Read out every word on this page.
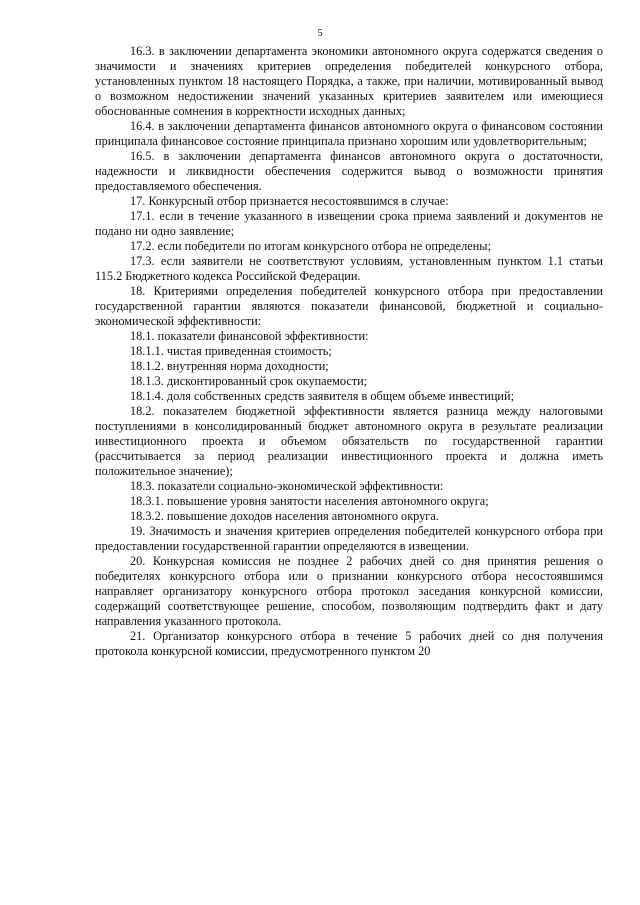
5

16.3. в заключении департамента экономики автономного округа содержатся сведения о значимости и значениях критериев определения победителей конкурсного отбора, установленных пунктом 18 настоящего Порядка, а также, при наличии, мотивированный вывод о возможном недостижении значений указанных критериев заявителем или имеющиеся обоснованные сомнения в корректности исходных данных;

16.4. в заключении департамента финансов автономного округа о финансовом состоянии принципала финансовое состояние принципала признано хорошим или удовлетворительным;

16.5. в заключении департамента финансов автономного округа о достаточности, надежности и ликвидности обеспечения содержится вывод о возможности принятия предоставляемого обеспечения.

17. Конкурсный отбор признается несостоявшимся в случае:

17.1. если в течение указанного в извещении срока приема заявлений и документов не подано ни одно заявление;

17.2. если победители по итогам конкурсного отбора не определены;

17.3. если заявители не соответствуют условиям, установленным пунктом 1.1 статьи 115.2 Бюджетного кодекса Российской Федерации.

18. Критериями определения победителей конкурсного отбора при предоставлении государственной гарантии являются показатели финансовой, бюджетной и социально-экономической эффективности:

18.1. показатели финансовой эффективности:

18.1.1. чистая приведенная стоимость;

18.1.2. внутренняя норма доходности;

18.1.3. дисконтированный срок окупаемости;

18.1.4. доля собственных средств заявителя в общем объеме инвестиций;

18.2. показателем бюджетной эффективности является разница между налоговыми поступлениями в консолидированный бюджет автономного округа в результате реализации инвестиционного проекта и объемом обязательств по государственной гарантии (рассчитывается за период реализации инвестиционного проекта и должна иметь положительное значение);

18.3. показатели социально-экономической эффективности:

18.3.1. повышение уровня занятости населения автономного округа;

18.3.2. повышение доходов населения автономного округа.

19. Значимость и значения критериев определения победителей конкурсного отбора при предоставлении государственной гарантии определяются в извещении.

20. Конкурсная комиссия не позднее 2 рабочих дней со дня принятия решения о победителях конкурсного отбора или о признании конкурсного отбора несостоявшимся направляет организатору конкурсного отбора протокол заседания конкурсной комиссии, содержащий соответствующее решение, способом, позволяющим подтвердить факт и дату направления указанного протокола.

21. Организатор конкурсного отбора в течение 5 рабочих дней со дня получения протокола конкурсной комиссии, предусмотренного пунктом 20
